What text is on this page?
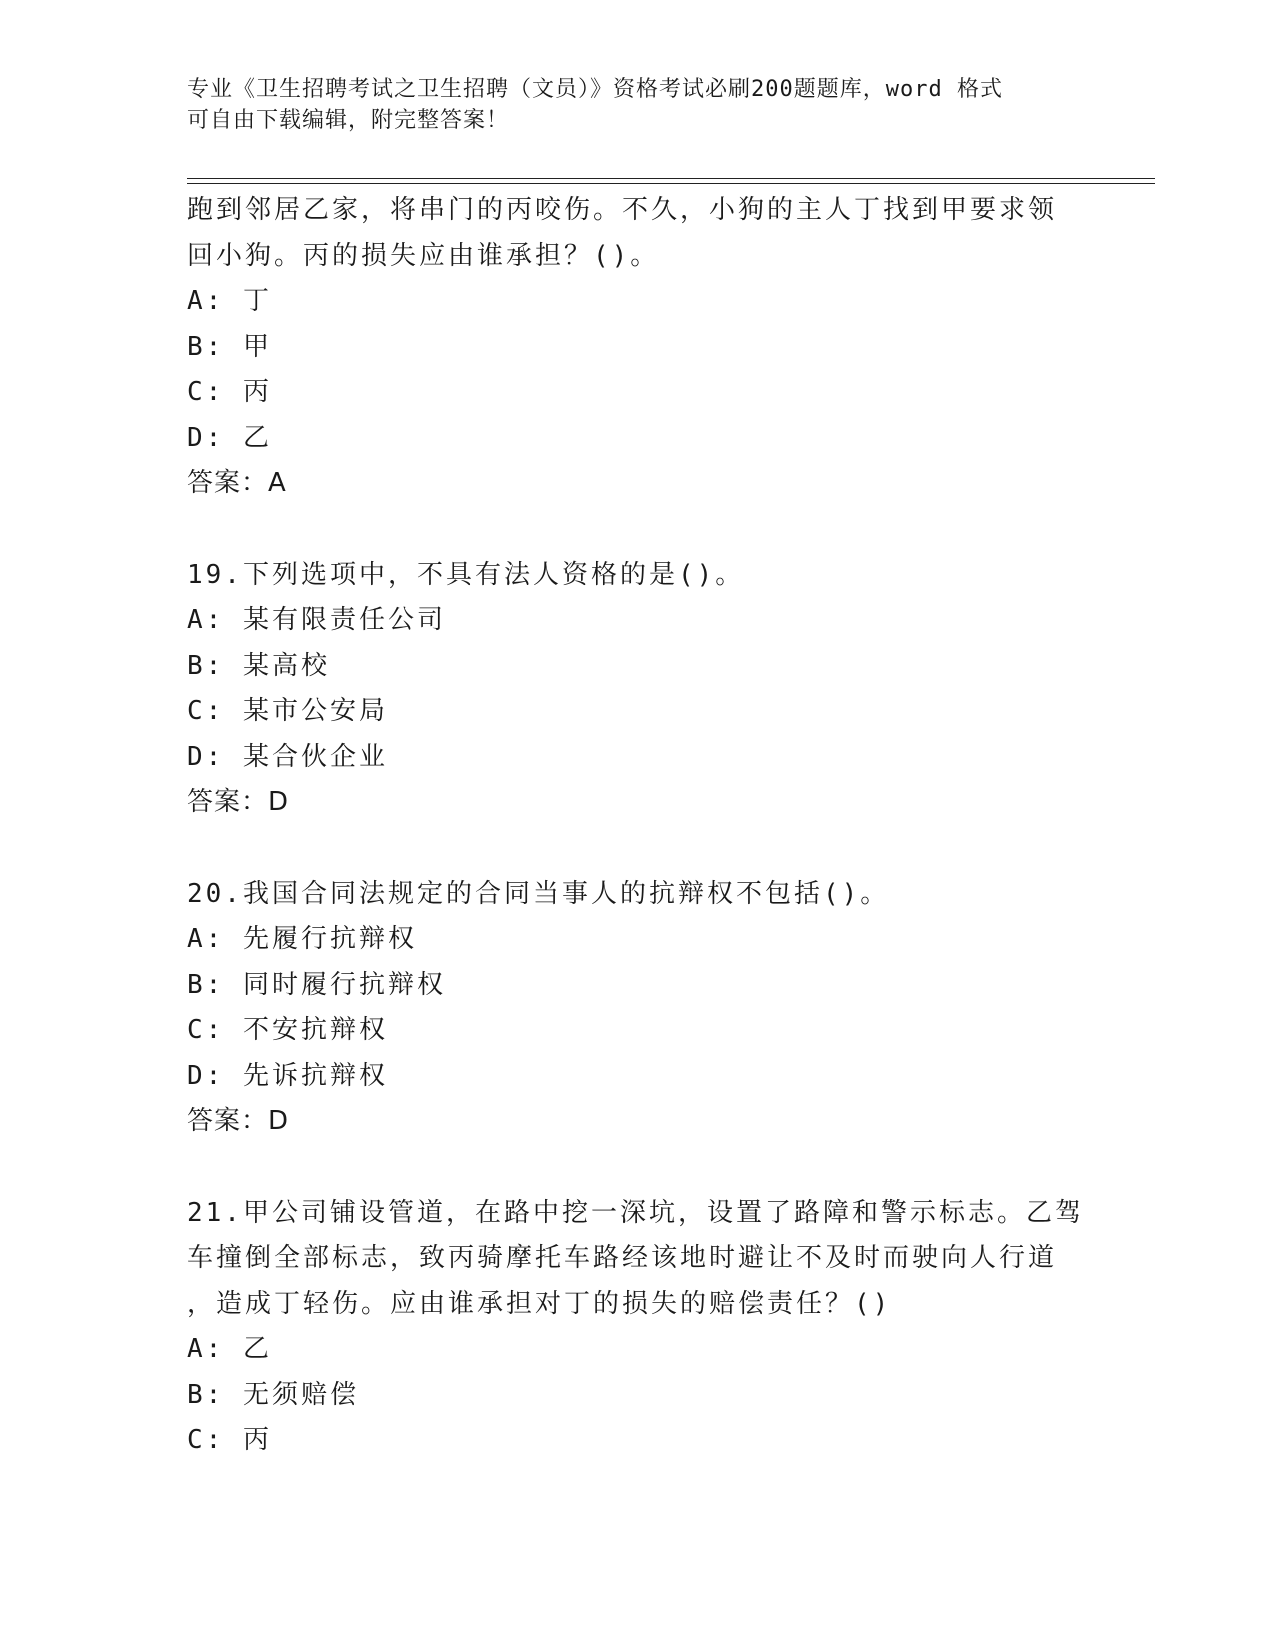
专业《卫生招聘考试之卫生招聘（文员）》资格考试必刷200题题库，word 格式
可自由下载编辑，附完整答案！
跑到邻居乙家，将串门的丙咬伤。不久，小狗的主人丁找到甲要求领
回小狗。丙的损失应由谁承担？()。
A: 丁
B: 甲
C: 丙
D: 乙
答案：A
19.下列选项中，不具有法人资格的是()。
A: 某有限责任公司
B: 某高校
C: 某市公安局
D: 某合伙企业
答案：D
20.我国合同法规定的合同当事人的抗辩权不包括()。
A: 先履行抗辩权
B: 同时履行抗辩权
C: 不安抗辩权
D: 先诉抗辩权
答案：D
21.甲公司铺设管道，在路中挖一深坑，设置了路障和警示标志。乙驾
车撞倒全部标志，致丙骑摩托车路经该地时避让不及时而驶向人行道
，造成丁轻伤。应由谁承担对丁的损失的赔偿责任？()
A: 乙
B: 无须赔偿
C: 丙
